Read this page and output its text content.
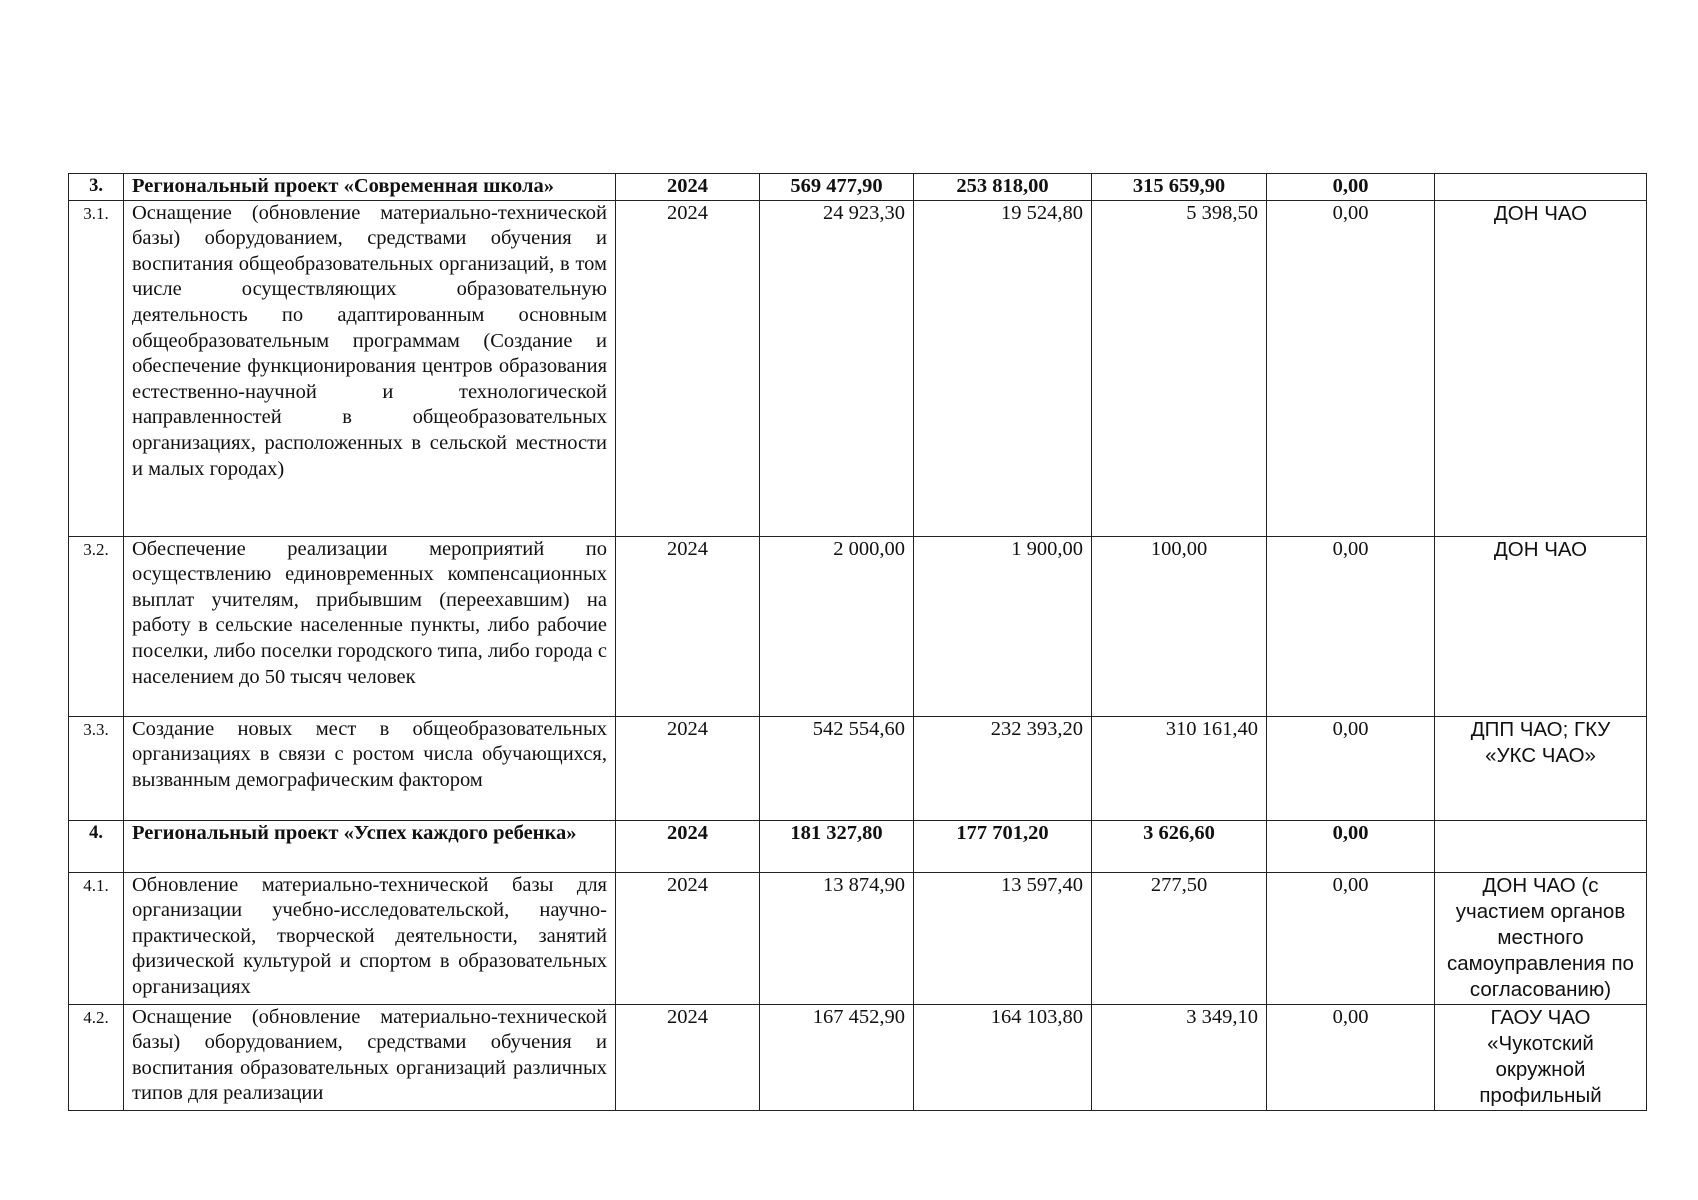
3.	Региональный проект «Современная школа»	2024	569 477,90	253 818,00	315 659,90	0,00	
3.1.	Оснащение (обновление материально-технической базы) оборудованием, средствами обучения и воспитания общеобразовательных организаций, в том числе осуществляющих образовательную деятельность по адаптированным основным общеобразовательным программам (Создание и обеспечение функционирования центров образования естественно-научной и технологической направленностей в общеобразовательных организациях, расположенных в сельской местности и малых городах)	2024	24 923,30	19 524,80	5 398,50	0,00	ДОН ЧАО
3.2.	Обеспечение реализации мероприятий по осуществлению единовременных компенсационных выплат учителям, прибывшим (переехавшим) на работу в сельские населенные пункты, либо рабочие поселки, либо поселки городского типа, либо города с населением до 50 тысяч человек	2024	2 000,00	1 900,00	100,00	0,00	ДОН ЧАО
3.3.	Создание новых мест в общеобразовательных организациях в связи с ростом числа обучающихся, вызванным демографическим фактором	2024	542 554,60	232 393,20	310 161,40	0,00	ДПП ЧАО; ГКУ «УКС ЧАО»
4.	Региональный проект «Успех каждого ребенка»	2024	181 327,80	177 701,20	3 626,60	0,00	
4.1.	Обновление материально-технической базы для организации учебно-исследовательской, научно-практической, творческой деятельности, занятий физической культурой и спортом в образовательных организациях	2024	13 874,90	13 597,40	277,50	0,00	ДОН ЧАО (с участием органов местного самоуправления по согласованию)
4.2.	Оснащение (обновление материально-технической базы) оборудованием, средствами обучения и воспитания образовательных организаций различных типов для реализации	2024	167 452,90	164 103,80	3 349,10	0,00	ГАОУ ЧАО «Чукотский окружной профильный
